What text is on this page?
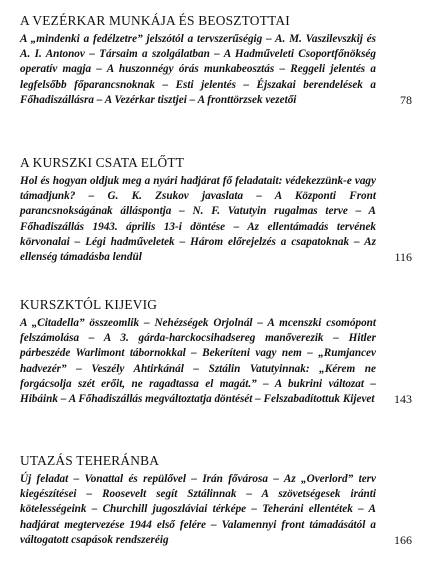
A VEZÉRKAR MUNKÁJA ÉS BEOSZTOTTAI
A „mindenki a fedélzetre” jelszótól a tervszerűségig – A. M. Vaszilevszkij és A. I. Antonov – Társaim a szolgálatban – A Hadműveleti Csoportfőnökség operatív magja – A huszonnégy órás munkabeosztás – Reggeli jelentés a legfelsőbb főparancsnoknak – Esti jelentés – Éjszakai berendelések a Főhadiszállásra – A Vezérkar tisztjei – A fronttörzsek vezetői	78
A KURSZKI CSATA ELŐTT
Hol és hogyan oldjuk meg a nyári hadjárat fő feladatait: védekezzünk-e vagy támadjunk? – G. K. Zsukov javaslata – A Központi Front parancsnokságának álláspontja – N. F. Vatutyin rugalmas terve – A Főhadiszállás 1943. április 13-i döntése – Az ellentámadás tervének körvonalai – Légi hadműveletek – Három előrejelzés a csapatoknak – Az ellenség támadásba lendül	116
KURSZKTÓL KIJEVIG
A „Citadella” összeomlik – Nehézségek Orjolnál – A mcenszki csomópont felszámolása – A 3. gárda-harckocsihadsereg manőverezik – Hitler párbeszéde Warlimont tábornokkal – Bekeríteni vagy nem – „Rumjancev hadvezér” – Veszély Ahtirkánál – Sztálin Vatutyinnak: „Kérem ne forgácsolja szét erőit, ne ragadtassa el magát.” – A bukrini változat – Hibáink – A Főhadiszállás megváltoztatja döntését – Felszabadítottuk Kijevet 143
UTAZÁS TEHERÁNBA
Új feladat – Vonattal és repülővel – Irán fővárosa – Az „Overlord” terv kiegészítései – Roosevelt segít Sztálinnak – A szövetségesek iránti kötelességeink – Churchill jugoszláviai térképe – Teheráni ellentétek – A hadjárat megtervezése 1944 első felére – Valamennyi front támadásától a váltogatott csapások rendszeréig	166
